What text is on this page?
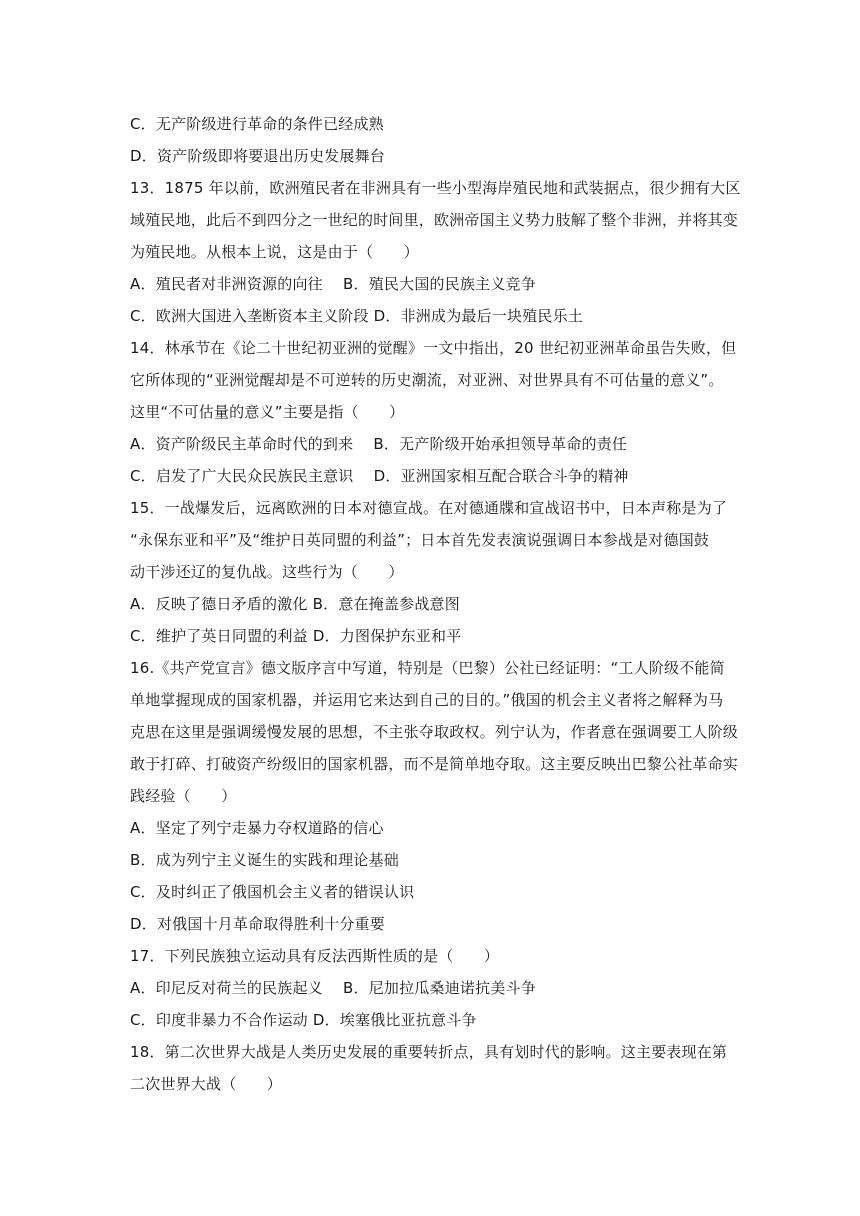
C．无产阶级进行革命的条件已经成熟
D．资产阶级即将要退出历史发展舞台
13．1875 年以前，欧洲殖民者在非洲具有一些小型海岸殖民地和武装据点，很少拥有大区
域殖民地，此后不到四分之一世纪的时间里，欧洲帝国主义势力肢解了整个非洲，并将其变
为殖民地。从根本上说，这是由于（　　）
A．殖民者对非洲资源的向往　 B．殖民大国的民族主义竞争
C．欧洲大国进入垄断资本主义阶段 D．非洲成为最后一块殖民乐土
14．林承节在《论二十世纪初亚洲的觉醒》一文中指出，20 世纪初亚洲革命虽告失败，但
它所体现的“亚洲觉醒却是不可逆转的历史潮流，对亚洲、对世界具有不可估量的意义”。
这里“不可估量的意义”主要是指（　　）
A．资产阶级民主革命时代的到来　 B．无产阶级开始承担领导革命的责任
C．启发了广大民众民族民主意识　 D．亚洲国家相互配合联合斗争的精神
15．一战爆发后，远离欧洲的日本对德宣战。在对德通牒和宣战诏书中，日本声称是为了
“永保东亚和平”及“维护日英同盟的利益”；日本首先发表演说强调日本参战是对德国鼓
动干涉还辽的复仇战。这些行为（　　）
A．反映了德日矛盾的激化 B．意在掩盖参战意图
C．维护了英日同盟的利益 D．力图保护东亚和平
16.《共产党宣言》德文版序言中写道，特别是（巴黎）公社已经证明：“工人阶级不能简
单地掌握现成的国家机器，并运用它来达到自己的目的。”俄国的机会主义者将之解释为马
克思在这里是强调缓慢发展的思想，不主张夺取政权。列宁认为，作者意在强调要工人阶级
敢于打碎、打破资产纷级旧的国家机器，而不是简单地夺取。这主要反映出巴黎公社革命实
践经验（　　）
A．坚定了列宁走暴力夺权道路的信心
B．成为列宁主义诞生的实践和理论基础
C．及时纠正了俄国机会主义者的错误认识
D．对俄国十月革命取得胜利十分重要
17．下列民族独立运动具有反法西斯性质的是（　　）
A．印尼反对荷兰的民族起义　 B．尼加拉瓜桑迪诺抗美斗争
C．印度非暴力不合作运动 D．埃塞俄比亚抗意斗争
18．第二次世界大战是人类历史发展的重要转折点，具有划时代的影响。这主要表现在第
二次世界大战（　　）
